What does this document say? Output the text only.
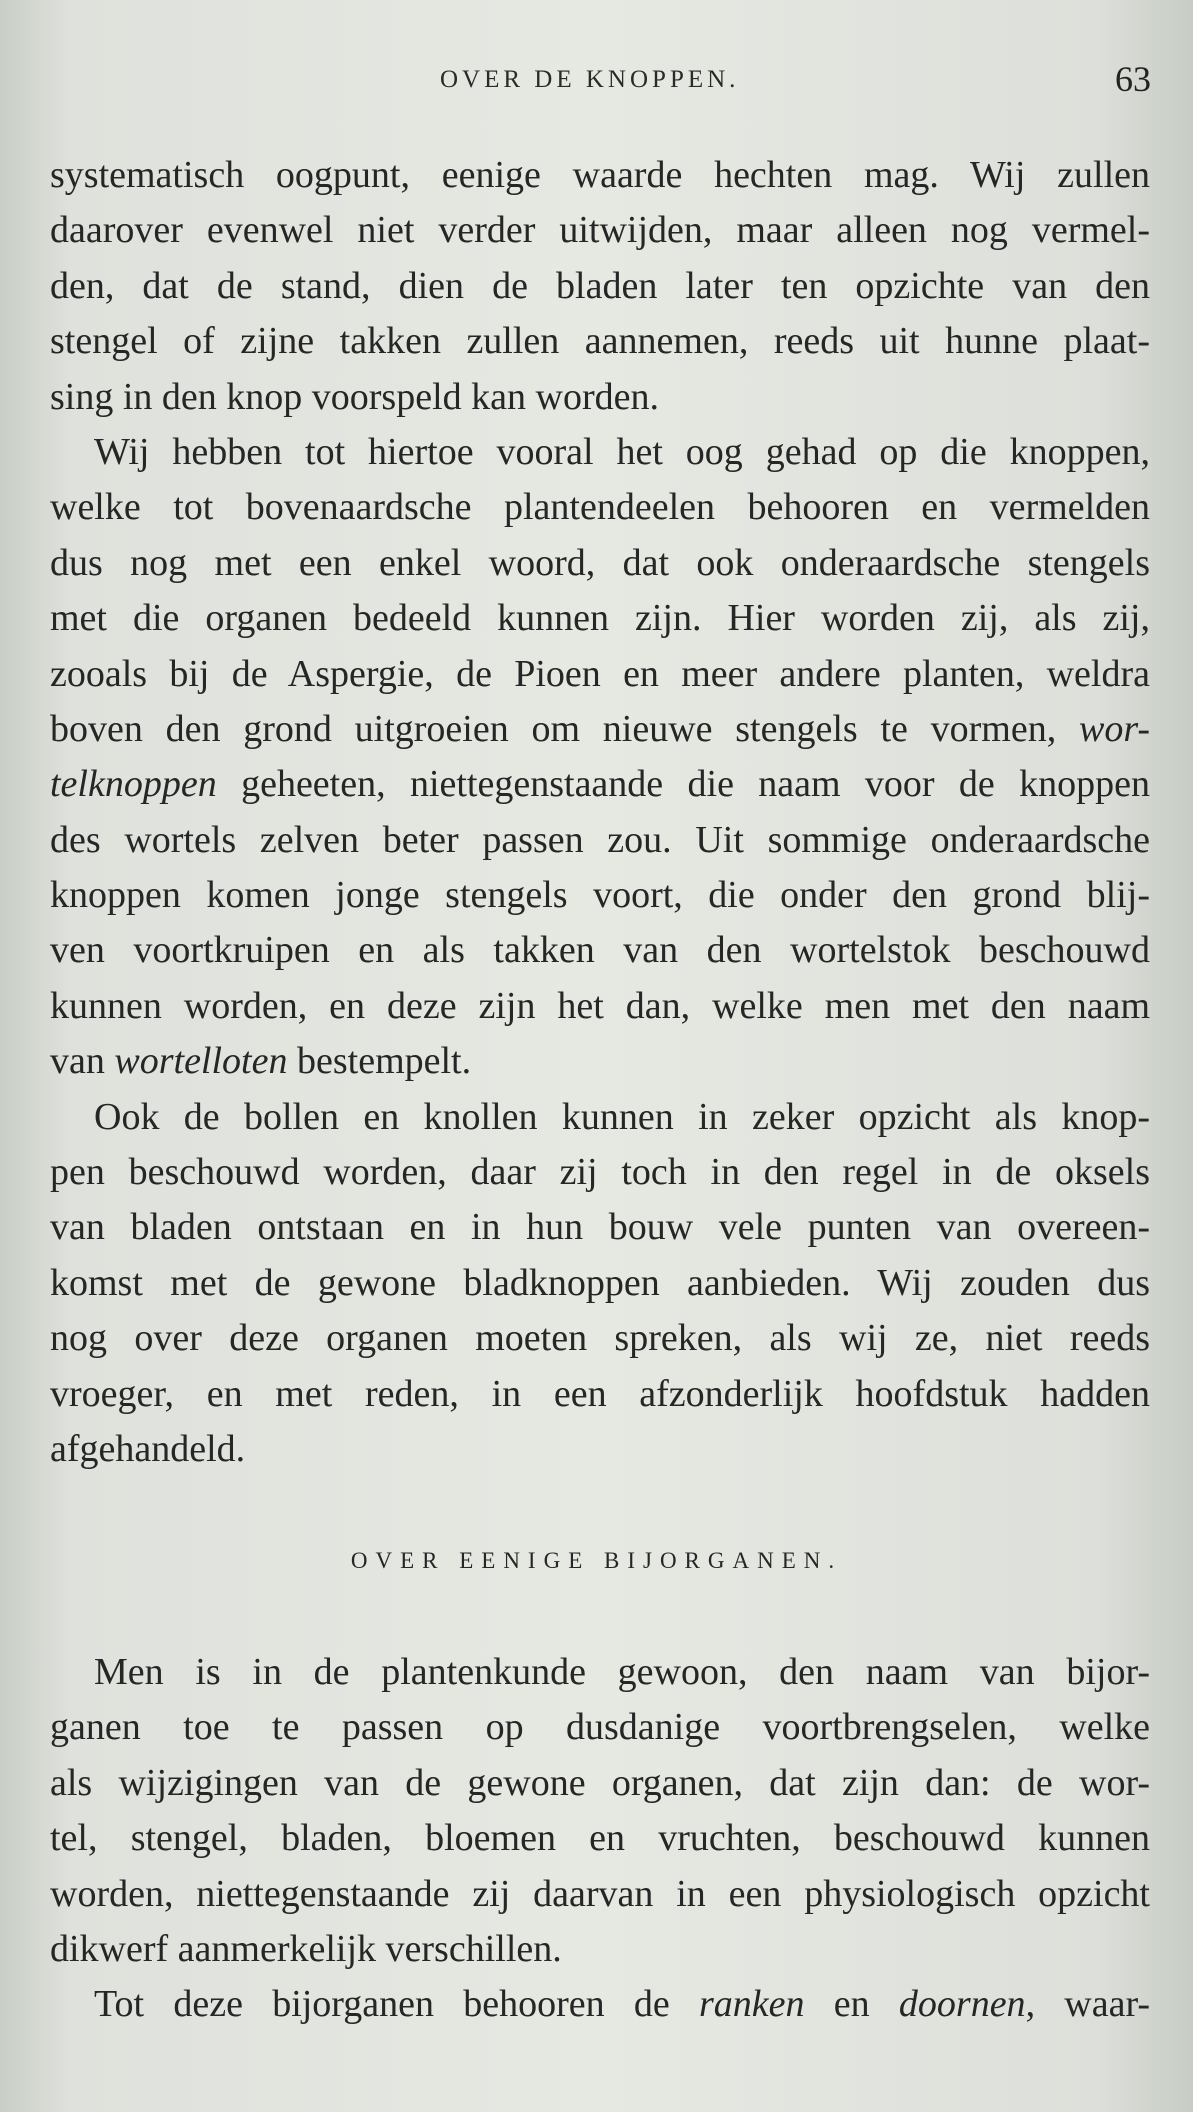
OVER DE KNOPPEN.	63
systematisch oogpunt, eenige waarde hechten mag. Wij zullen
daarover evenwel niet verder uitwijden, maar alleen nog vermel-
den, dat de stand, dien de bladen later ten opzichte van den
stengel of zijne takken zullen aannemen, reeds uit hunne plaat-
sing in den knop voorspeld kan worden.
Wij hebben tot hiertoe vooral het oog gehad op die knoppen,
welke tot bovenaardsche plantendeelen behooren en vermelden
dus nog met een enkel woord, dat ook onderaardsche stengels
met die organen bedeeld kunnen zijn. Hier worden zij, als zij,
zooals bij de Aspergie, de Pioen en meer andere planten, weldra
boven den grond uitgroeien om nieuwe stengels te vormen, wor-
telknoppen geheeten, niettegenstaande die naam voor de knoppen
des wortels zelven beter passen zou. Uit sommige onderaardsche
knoppen komen jonge stengels voort, die onder den grond blij-
ven voortkruipen en als takken van den wortelstok beschouwd
kunnen worden, en deze zijn het dan, welke men met den naam
van wortelloten bestempelt.
Ook de bollen en knollen kunnen in zeker opzicht als knop-
pen beschouwd worden, daar zij toch in den regel in de oksels
van bladen ontstaan en in hun bouw vele punten van overeen-
komst met de gewone bladknoppen aanbieden. Wij zouden dus
nog over deze organen moeten spreken, als wij ze, niet reeds
vroeger, en met reden, in een afzonderlijk hoofdstuk hadden
afgehandeld.
OVER EENIGE BIJORGANEN.
Men is in de plantenkunde gewoon, den naam van bijor-
ganen toe te passen op dusdanige voortbrengselen, welke
als wijzigingen van de gewone organen, dat zijn dan: de wor-
tel, stengel, bladen, bloemen en vruchten, beschouwd kunnen
worden, niettegenstaande zij daarvan in een physiologisch opzicht
dikwerf aanmerkelijk verschillen.
Tot deze bijorganen behooren de ranken en doornen, waar-
